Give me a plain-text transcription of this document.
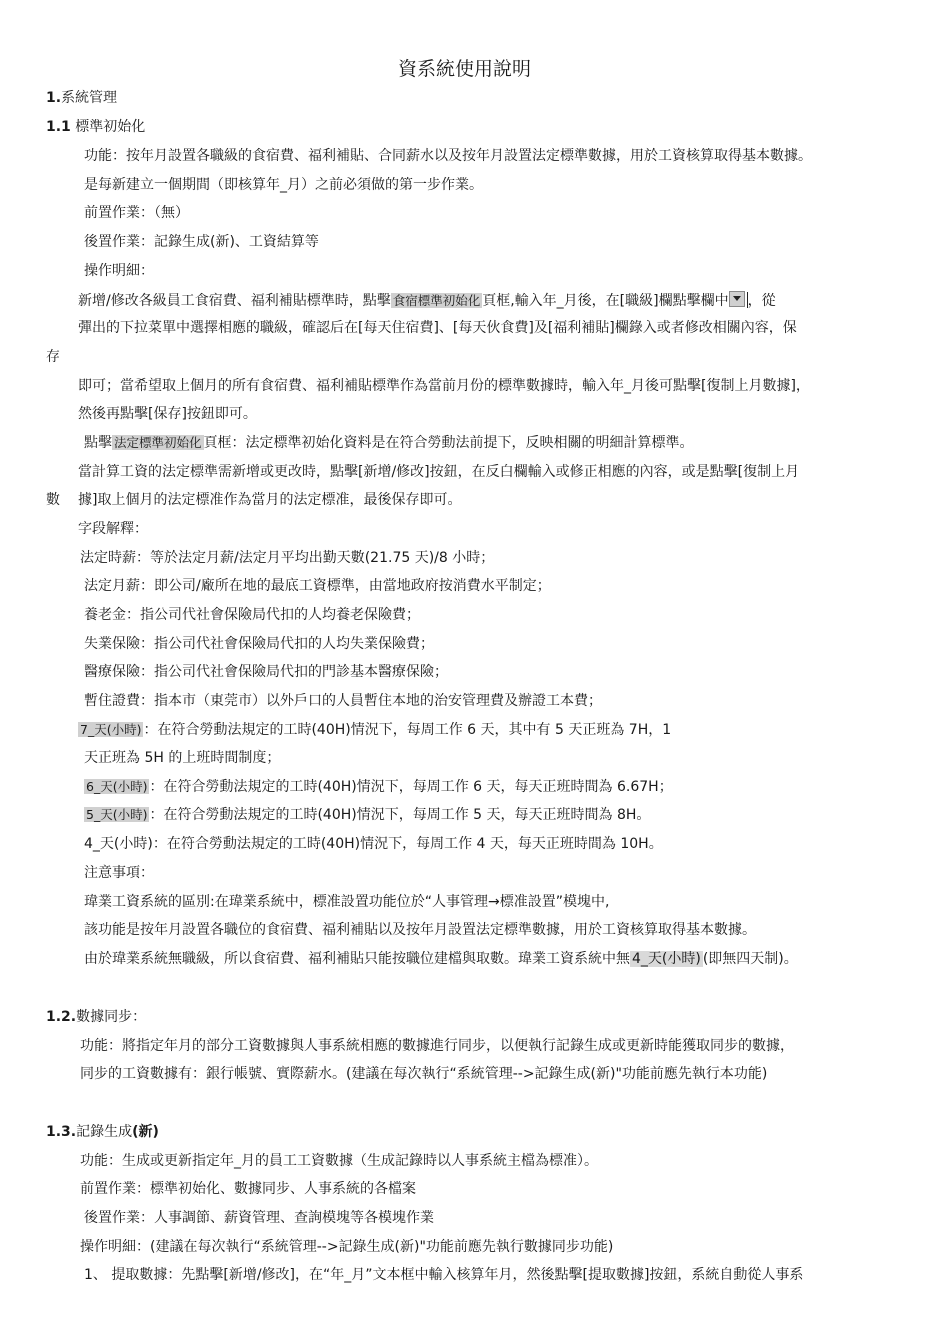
資系統使用說明
1.系統管理
1.1 標準初始化
功能：按年月設置各職級的食宿費、福利補貼、合同薪水以及按年月設置法定標準數據，用於工資核算取得基本數據。
是每新建立一個期間（即核算年_月）之前必須做的第一步作業。
前置作業：（無）
後置作業：記錄生成(新)、工資結算等
操作明細：
新增/修改各級員工食宿費、福利補貼標準時，點擊 食宿標準初始化 頁框,輸入年_月後，在[職級]欄點擊欄中 ，從
彈出的下拉菜單中選擇相應的職級，確認后在[每天住宿費]、[每天伙食費]及[福利補貼]欄錄入或者修改相關內容，保
存
即可；當希望取上個月的所有食宿費、福利補貼標準作為當前月份的標準數據時，輸入年_月後可點擊[復制上月數據]，
然後再點擊[保存]按鈕即可。
點擊 法定標準初始化 頁框：法定標準初始化資料是在符合勞動法前提下，反映相關的明細計算標準。
當計算工資的法定標準需新增或更改時，點擊[新增/修改]按鈕，在反白欄輸入或修正相應的內容，或是點擊[復制上月
數 據]取上個月的法定標准作為當月的法定標准，最後保存即可。
字段解釋：
法定時薪：等於法定月薪/法定月平均出勤天數(21.75 天)/8 小時；
法定月薪：即公司/廠所在地的最底工資標準，由當地政府按消費水平制定；
養老金：指公司代社會保險局代扣的人均養老保險費；
失業保險：指公司代社會保險局代扣的人均失業保險費；
醫療保險：指公司代社會保險局代扣的門診基本醫療保險；
暫住證費：指本市（東莞市）以外戶口的人員暫住本地的治安管理費及辦證工本費；
7_天(小時) ：在符合勞動法規定的工時(40H)情況下，每周工作 6 天，其中有 5 天正班為 7H，1
天正班為 5H 的上班時間制度；
6_天(小時) ：在符合勞動法規定的工時(40H)情況下，每周工作 6 天，每天正班時間為 6.67H；
5_天(小時) ：在符合勞動法規定的工時(40H)情況下，每周工作 5 天，每天正班時間為 8H。
4_天(小時)：在符合勞動法規定的工時(40H)情況下，每周工作 4 天，每天正班時間為 10H。
注意事項：
瑋業工資系統的區別:在瑋業系統中，標准設置功能位於“人事管理→標准設置”模塊中,
該功能是按年月設置各職位的食宿費、福利補貼以及按年月設置法定標準數據，用於工資核算取得基本數據。
由於瑋業系統無職級，所以食宿費、福利補貼只能按職位建檔與取數。瑋業工資系統中無 4_天(小時) (即無四天制)。
1.2.數據同步：
功能：將指定年月的部分工資數據與人事系統相應的數據進行同步，以便執行記錄生成或更新時能獲取同步的數據，
同步的工資數據有：銀行帳號、實際薪水。(建議在每次執行“系統管理-->記錄生成(新)"功能前應先執行本功能)
1.3.記錄生成(新)
功能：生成或更新指定年_月的員工工資數據（生成記錄時以人事系統主檔為標准）。
前置作業：標準初始化、數據同步、人事系統的各檔案
後置作業：人事調節、薪資管理、查詢模塊等各模塊作業
操作明細：(建議在每次執行“系統管理-->記錄生成(新)"功能前應先執行數據同步功能)
1、 提取數據：先點擊[新增/修改]，在“年_月”文本框中輸入核算年月，然後點擊[提取數據]按鈕，系統自動從人事系
